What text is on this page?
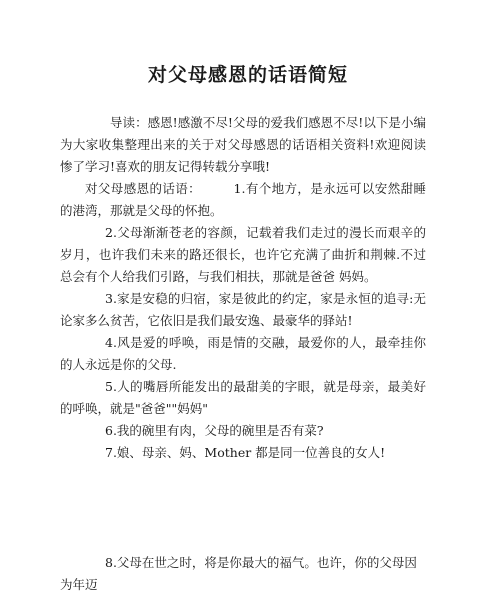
对父母感恩的话语简短

导读：感恩!感激不尽!父母的爱我们感恩不尽!以下是小编为大家收集整理出来的关于对父母感恩的话语相关资料!欢迎阅读惨了学习!喜欢的朋友记得转载分享哦!

对父母感恩的话语：　　　1.有个地方，是永远可以安然甜睡的港湾，那就是父母的怀抱。

2.父母渐渐苍老的容颜，记载着我们走过的漫长而艰辛的岁月，也许我们未来的路还很长，也许它充满了曲折和荆棘.不过总会有个人给我们引路，与我们相扶，那就是爸爸 妈妈。

3.家是安稳的归宿，家是彼此的约定，家是永恒的追寻:无论家多么贫苦，它依旧是我们最安逸、最豪华的驿站!

4.风是爱的呼唤，雨是情的交融，最爱你的人，最牵挂你的人永远是你的父母.

5.人的嘴唇所能发出的最甜美的字眼，就是母亲，最美好的呼唤，就是"爸爸""妈妈"

6.我的碗里有肉，父母的碗里是否有菜?

7.娘、母亲、妈、Mother 都是同一位善良的女人!

8.父母在世之时，将是你最大的福气。也许，你的父母因为年迈
